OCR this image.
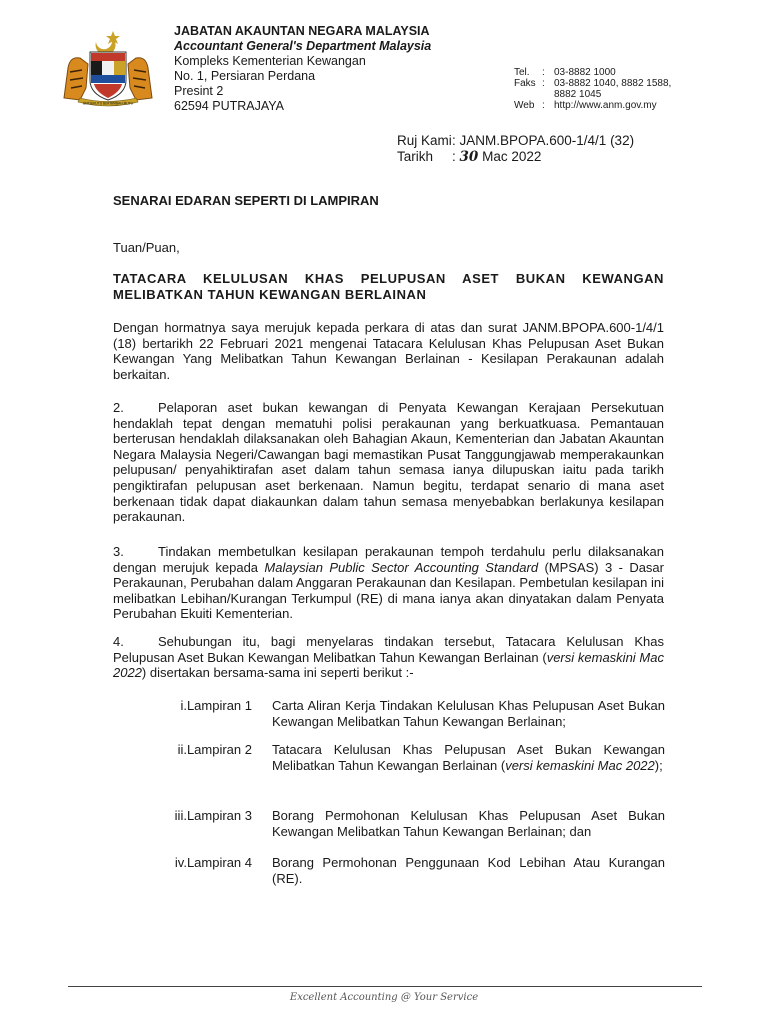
BERSEKUTU BERTAMBAH MUTU
JABATAN AKAUNTAN NEGARA MALAYSIA
Accountant General's Department Malaysia
Kompleks Kementerian Kewangan
No. 1, Persiaran Perdana
Presint 2
62594 PUTRAJAYA
Tel.	:	03-8882 1000
Faks	:	03-8882 1040, 8882 1588,
		8882 1045
Web	:	http://www.anm.gov.my
Ruj Kami: JANM.BPOPA.600-1/4/1 (32)
Tarikh : 30 Mac 2022
SENARAI EDARAN SEPERTI DI LAMPIRAN
Tuan/Puan,
TATACARA KELULUSAN KHAS PELUPUSAN ASET BUKAN KEWANGAN MELIBATKAN TAHUN KEWANGAN BERLAINAN
Dengan hormatnya saya merujuk kepada perkara di atas dan surat JANM.BPOPA.600-1/4/1 (18) bertarikh 22 Februari 2021 mengenai Tatacara Kelulusan Khas Pelupusan Aset Bukan Kewangan Yang Melibatkan Tahun Kewangan Berlainan - Kesilapan Perakaunan adalah berkaitan.

2.	Pelaporan aset bukan kewangan di Penyata Kewangan Kerajaan Persekutuan hendaklah tepat dengan mematuhi polisi perakaunan yang berkuatkuasa. Pemantauan berterusan hendaklah dilaksanakan oleh Bahagian Akaun, Kementerian dan Jabatan Akauntan Negara Malaysia Negeri/Cawangan bagi memastikan Pusat Tanggungjawab memperakaunkan pelupusan/ penyahiktirafan aset dalam tahun semasa ianya dilupuskan iaitu pada tarikh pengiktirafan pelupusan aset berkenaan. Namun begitu, terdapat senario di mana aset berkenaan tidak dapat diakaunkan dalam tahun semasa menyebabkan berlakunya kesilapan perakaunan.

3.	Tindakan membetulkan kesilapan perakaunan tempoh terdahulu perlu dilaksanakan dengan merujuk kepada Malaysian Public Sector Accounting Standard (MPSAS) 3 - Dasar Perakaunan, Perubahan dalam Anggaran Perakaunan dan Kesilapan. Pembetulan kesilapan ini melibatkan Lebihan/Kurangan Terkumpul (RE) di mana ianya akan dinyatakan dalam Penyata Perubahan Ekuiti Kementerian.

4.	Sehubungan itu, bagi menyelaras tindakan tersebut, Tatacara Kelulusan Khas Pelupusan Aset Bukan Kewangan Melibatkan Tahun Kewangan Berlainan (versi kemaskini Mac 2022) disertakan bersama-sama ini seperti berikut :-

i.Lampiran 1 Carta Aliran Kerja Tindakan Kelulusan Khas Pelupusan Aset Bukan Kewangan Melibatkan Tahun Kewangan Berlainan;
ii.Lampiran 2 Tatacara Kelulusan Khas Pelupusan Aset Bukan Kewangan Melibatkan Tahun Kewangan Berlainan (versi kemaskini Mac 2022);
iii.Lampiran 3 Borang Permohonan Kelulusan Khas Pelupusan Aset Bukan Kewangan Melibatkan Tahun Kewangan Berlainan; dan
iv.Lampiran 4 Borang Permohonan Penggunaan Kod Lebihan Atau Kurangan (RE).
Excellent Accounting @ Your Service
